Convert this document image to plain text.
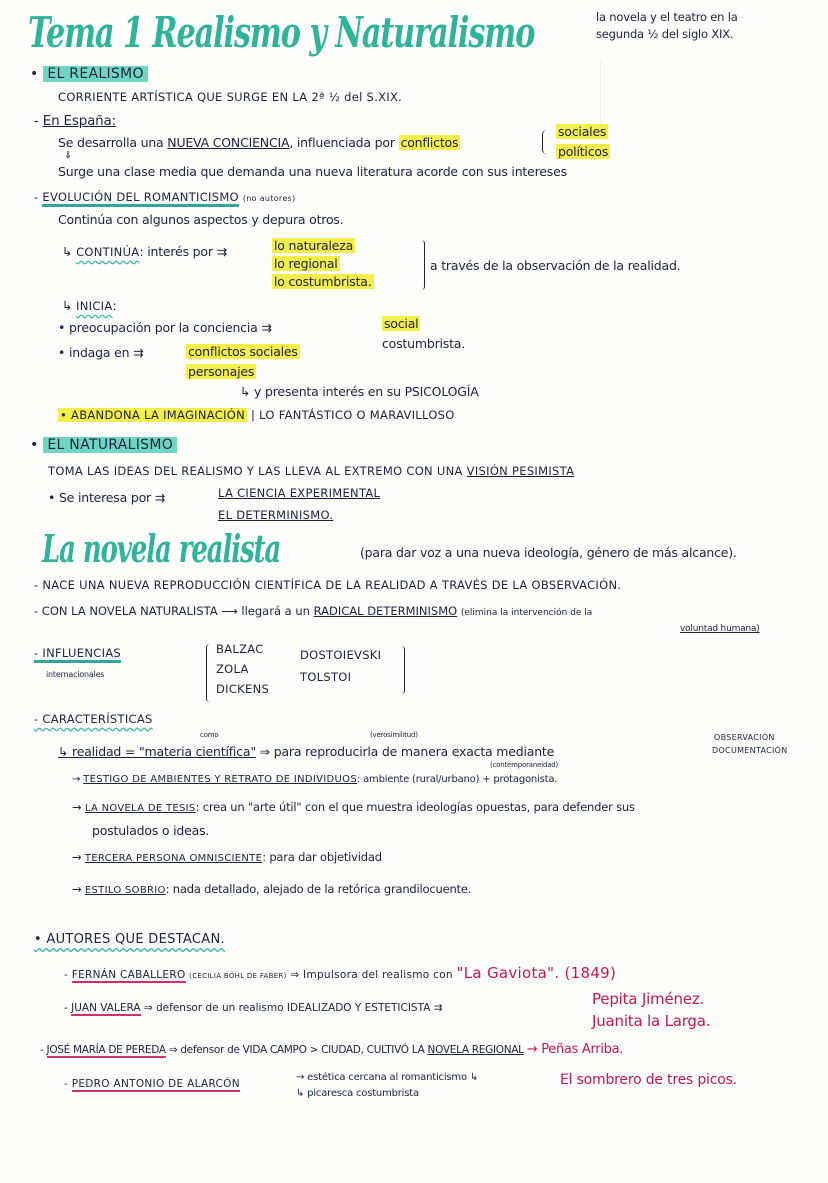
Tema 1 Realismo y Naturalismo	la novela y el teatro en la
segunda ½ del siglo XIX.
• EL REALISMO
CORRIENTE ARTÍSTICA QUE SURGE EN LA 2ª ½ del S.XIX.
- En España:
Se desarrolla una NUEVA CONCIENCIA, influenciada por conflictos
sociales
políticos
⇓
Surge una clase media que demanda una nueva literatura acorde con sus intereses
- EVOLUCIÓN DEL ROMANTICISMO (no autores)
Continúa con algunos aspectos y depura otros.
↳ CONTINÚA: interés por ⇉	lo naturaleza
lo regional
lo costumbrista.
a través de la observación de la realidad.
↳ INICIA:
• preocupación por la conciencia ⇉	social
costumbrista.
• indaga en ⇉	conflictos sociales
personajes
↳ y presenta interés en su PSICOLOGÍA
• ABANDONA LA IMAGINACIÓN | LO FANTÁSTICO O MARAVILLOSO
• EL NATURALISMO
TOMA LAS IDEAS DEL REALISMO Y LAS LLEVA AL EXTREMO CON UNA VISIÓN PESIMISTA
• Se interesa por ⇉	LA CIENCIA EXPERIMENTAL
EL DETERMINISMO.
La novela realista	(para dar voz a una nueva ideología, género de más alcance).
- NACE UNA NUEVA REPRODUCCIÓN CIENTÍFICA DE LA REALIDAD A TRAVÉS DE LA OBSERVACIÓN.
- CON LA NOVELA NATURALISTA ⟶ llegará a un RADICAL DETERMINISMO (elimina la intervención de la
voluntad humana)
- INFLUENCIAS
internacionales
BALZAC
ZOLA
DICKENS
DOSTOIEVSKI
TOLSTOI
- CARACTERÍSTICAS
como	(verosimilitud)
↳ realidad = "materia científica" ⇒ para reproducirla de manera exacta mediante
OBSERVACIÓN
DOCUMENTACIÓN
(contemporaneidad)
→ TESTIGO DE AMBIENTES Y RETRATO DE INDIVIDUOS: ambiente (rural/urbano) + protagonista.
→ LA NOVELA DE TESIS: crea un "arte útil" con el que muestra ideologías opuestas, para defender sus
postulados o ideas.
→ TERCERA PERSONA OMNISCIENTE: para dar objetividad
→ ESTILO SOBRIO: nada detallado, alejado de la retórica grandilocuente.
• AUTORES QUE DESTACAN.
- FERNÁN CABALLERO (CECILIA BÖHL DE FABER) ⇒ Impulsora del realismo con "La Gaviota". (1849)
- JUAN VALERA ⇒ defensor de un realismo IDEALIZADO Y ESTETICISTA ⇉	Pepita Jiménez.
Juanita la Larga.
- JOSÉ MARÍA DE PEREDA ⇒ defensor de VIDA CAMPO > CIUDAD, CULTIVÓ LA NOVELA REGIONAL → Peñas Arriba.
- PEDRO ANTONIO DE ALARCÓN
→ estética cercana al romanticismo ↳
↳ picaresca costumbrista
El sombrero de tres picos.
